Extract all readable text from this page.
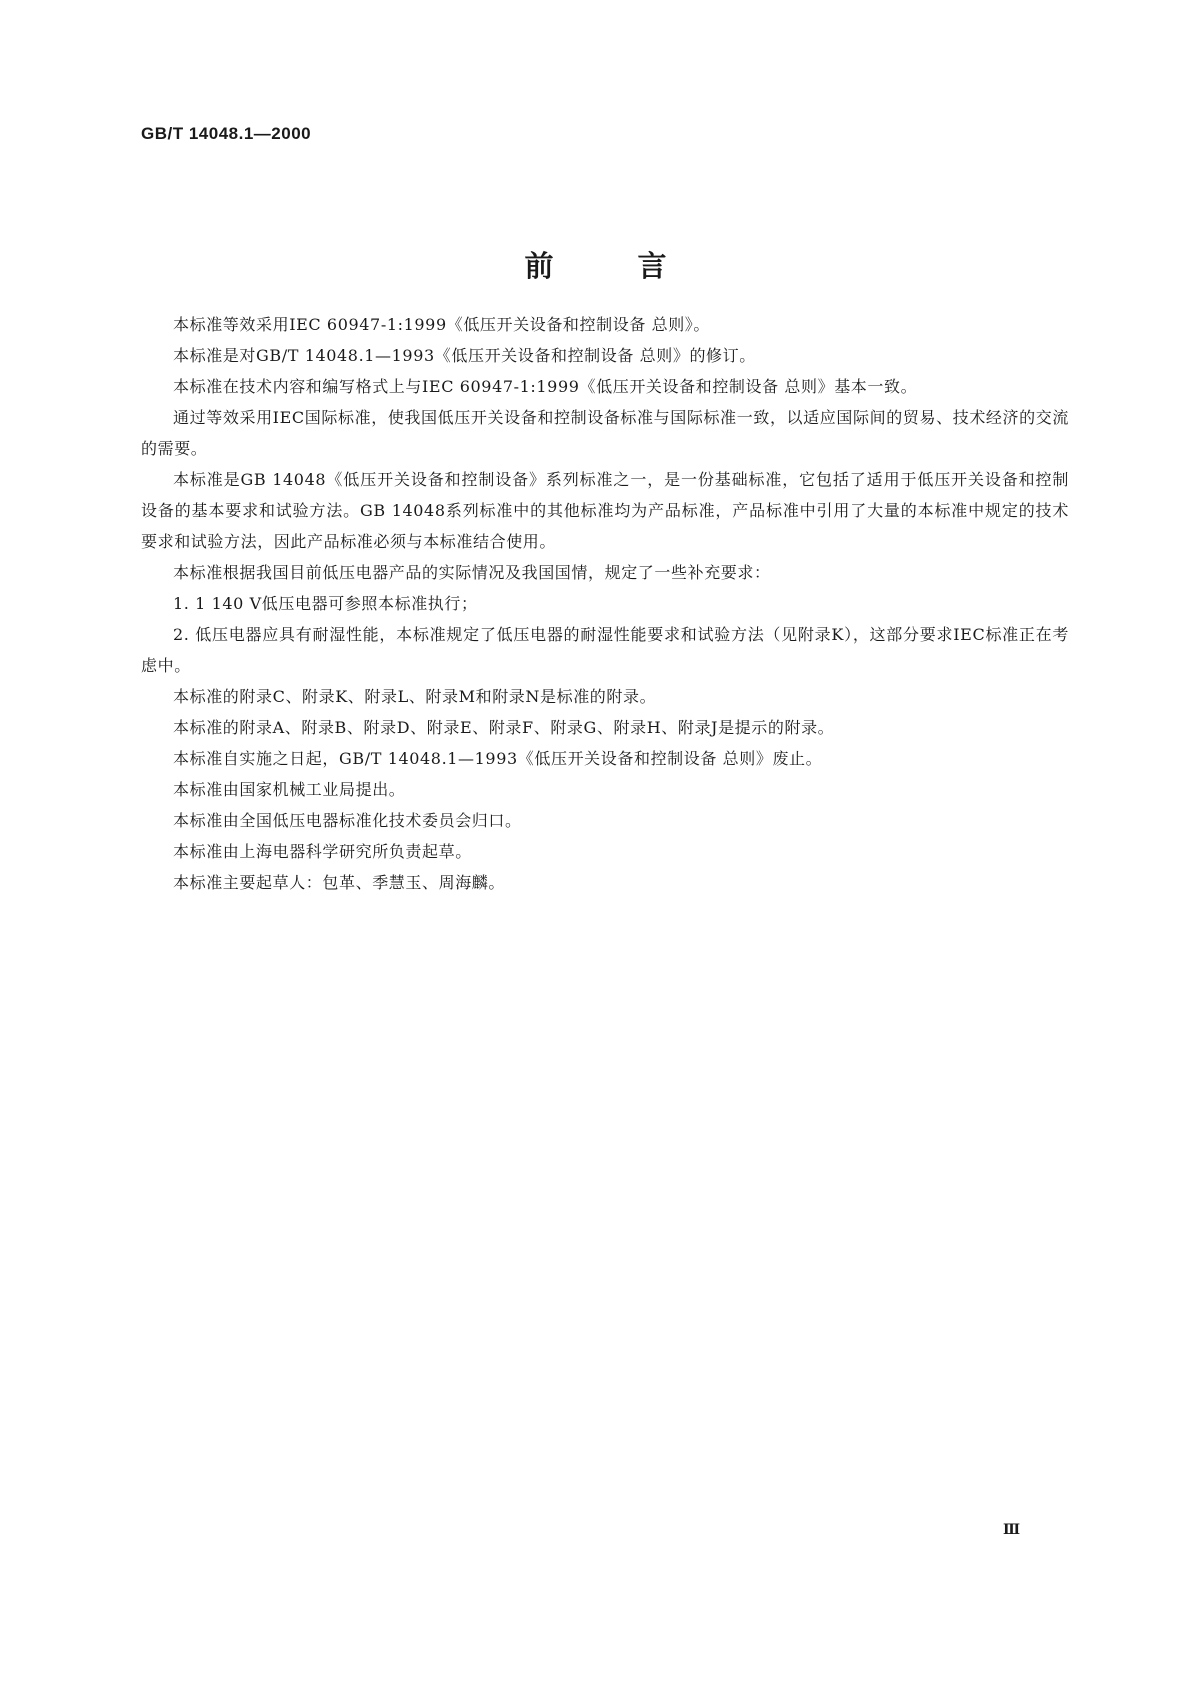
GB/T 14048.1—2000

前言

本标准等效采用IEC 60947-1:1999《低压开关设备和控制设备 总则》。

本标准是对GB/T 14048.1—1993《低压开关设备和控制设备 总则》的修订。

本标准在技术内容和编写格式上与IEC 60947-1:1999《低压开关设备和控制设备 总则》基本一致。

通过等效采用IEC国际标准，使我国低压开关设备和控制设备标准与国际标准一致，以适应国际间的贸易、技术经济的交流的需要。

本标准是GB 14048《低压开关设备和控制设备》系列标准之一，是一份基础标准，它包括了适用于低压开关设备和控制设备的基本要求和试验方法。GB 14048系列标准中的其他标准均为产品标准，产品标准中引用了大量的本标准中规定的技术要求和试验方法，因此产品标准必须与本标准结合使用。

本标准根据我国目前低压电器产品的实际情况及我国国情，规定了一些补充要求：

1. 1 140 V低压电器可参照本标准执行；

2. 低压电器应具有耐湿性能，本标准规定了低压电器的耐湿性能要求和试验方法（见附录K），这部分要求IEC标准正在考虑中。

本标准的附录C、附录K、附录L、附录M和附录N是标准的附录。

本标准的附录A、附录B、附录D、附录E、附录F、附录G、附录H、附录J是提示的附录。

本标准自实施之日起，GB/T 14048.1—1993《低压开关设备和控制设备 总则》废止。

本标准由国家机械工业局提出。

本标准由全国低压电器标准化技术委员会归口。

本标准由上海电器科学研究所负责起草。

本标准主要起草人：包革、季慧玉、周海麟。

Ⅲ
